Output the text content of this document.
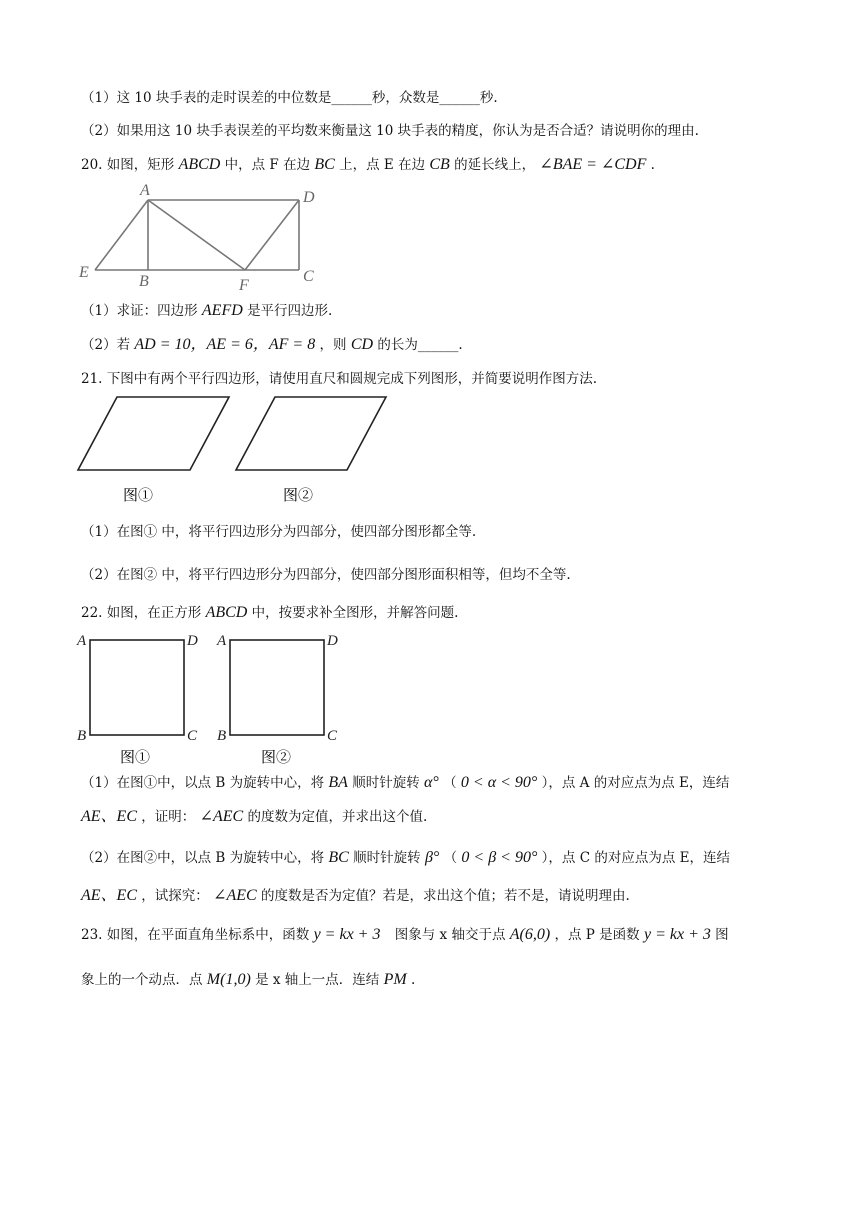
（1）这 10 块手表的走时误差的中位数是______秒，众数是______秒.
（2）如果用这 10 块手表误差的平均数来衡量这 10 块手表的精度，你认为是否合适？请说明你的理由.
20. 如图，矩形 ABCD 中，点 F 在边 BC 上，点 E 在边 CB 的延长线上， ∠BAE = ∠CDF .
A	D
E
B	F
C
（1）求证：四边形 AEFD 是平行四边形.
（2）若 AD = 10，AE = 6，AF = 8 ，则 CD 的长为______.
21. 下图中有两个平行四边形，请使用直尺和圆规完成下列图形，并简要说明作图方法.
图①	图②
（1）在图① 中，将平行四边形分为四部分，使四部分图形都全等.
（2）在图② 中，将平行四边形分为四部分，使四部分图形面积相等，但均不全等.
22. 如图，在正方形 ABCD 中，按要求补全图形，并解答问题.
A	D
B	C
A	D
B	C
图①	图②
（1）在图①中，以点 B 为旋转中心，将 BA 顺时针旋转 α° （ 0 < α < 90° ），点 A 的对应点为点 E，连结
AE、EC ，证明： ∠AEC 的度数为定值，并求出这个值.
（2）在图②中，以点 B 为旋转中心，将 BC 顺时针旋转 β° （ 0 < β < 90° ），点 C 的对应点为点 E，连结
AE、EC ，试探究： ∠AEC 的度数是否为定值？若是，求出这个值；若不是，请说明理由.
23. 如图，在平面直角坐标系中，函数 y = kx + 3 图象与 x 轴交于点 A(6,0) ，点 P 是函数 y = kx + 3 图
象上的一个动点．点 M(1,0) 是 x 轴上一点．连结 PM .
